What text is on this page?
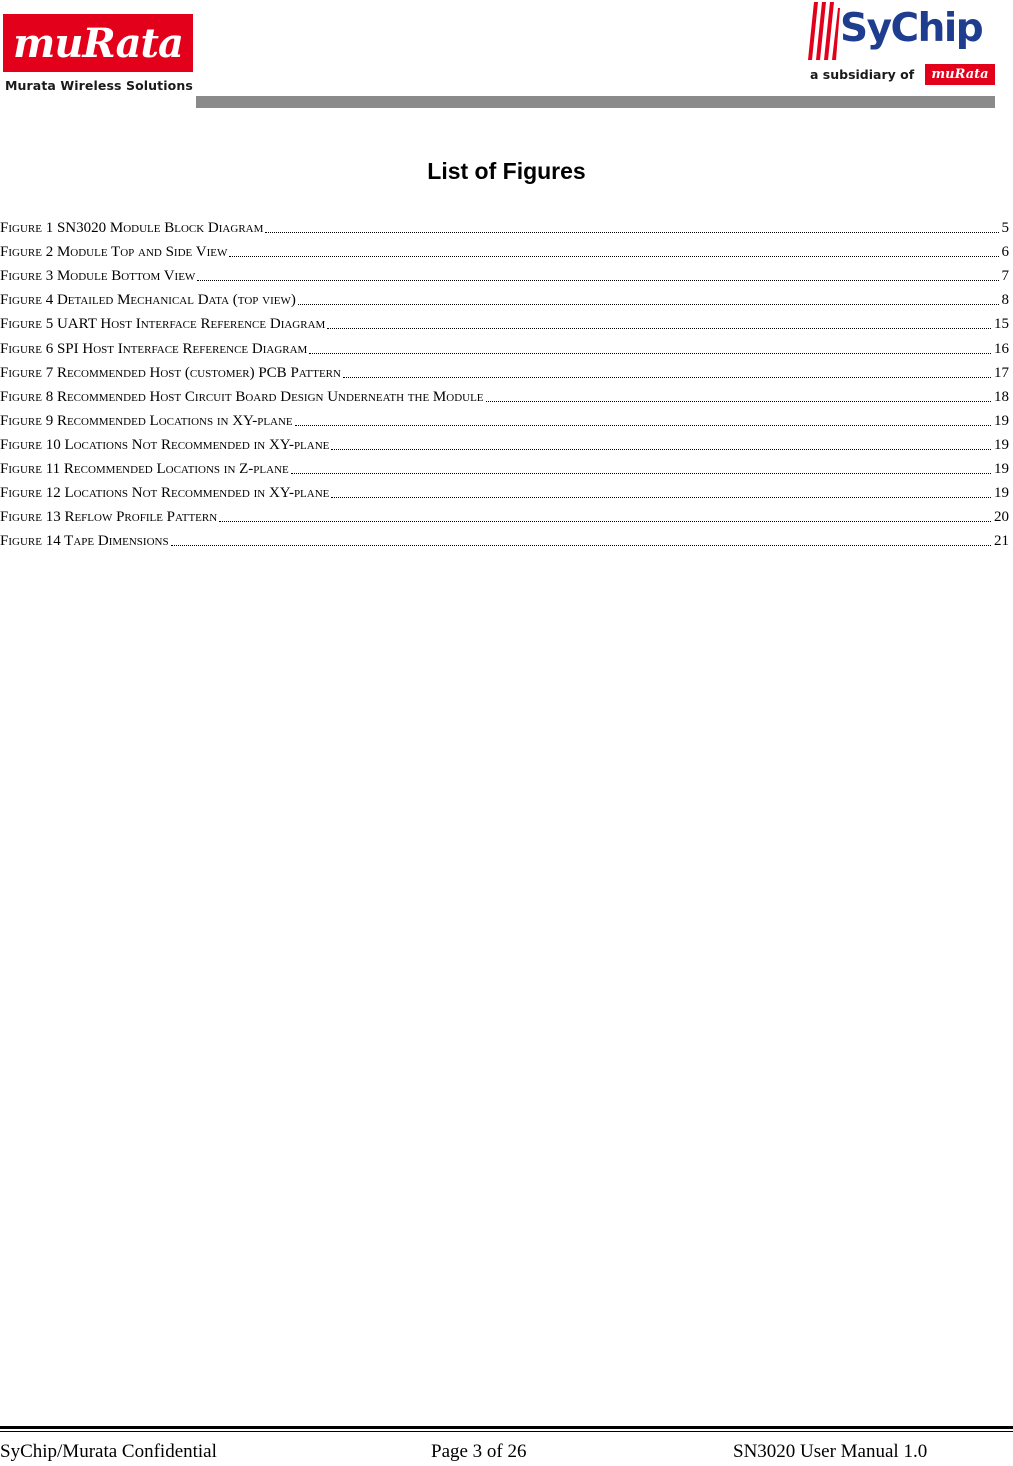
muRata
Murata Wireless Solutions
SyChip
a subsidiary of muRata
List of Figures
Figure 1 SN3020 Module Block Diagram	5
Figure 2 Module Top and Side View	6
Figure 3 Module Bottom View	7
Figure 4 Detailed Mechanical Data (top view)	8
Figure 5 UART Host Interface Reference Diagram	15
Figure 6 SPI Host Interface Reference Diagram	16
Figure 7 Recommended Host (customer) PCB Pattern	17
Figure 8 Recommended Host Circuit Board Design Underneath the Module	18
Figure 9 Recommended Locations in XY-plane	19
Figure 10 Locations Not Recommended in XY-plane	19
Figure 11 Recommended Locations in Z-plane	19
Figure 12 Locations Not Recommended in XY-plane	19
Figure 13 Reflow Profile Pattern	20
Figure 14 Tape Dimensions	21
SyChip/Murata Confidential	Page 3 of 26	SN3020 User Manual 1.0
